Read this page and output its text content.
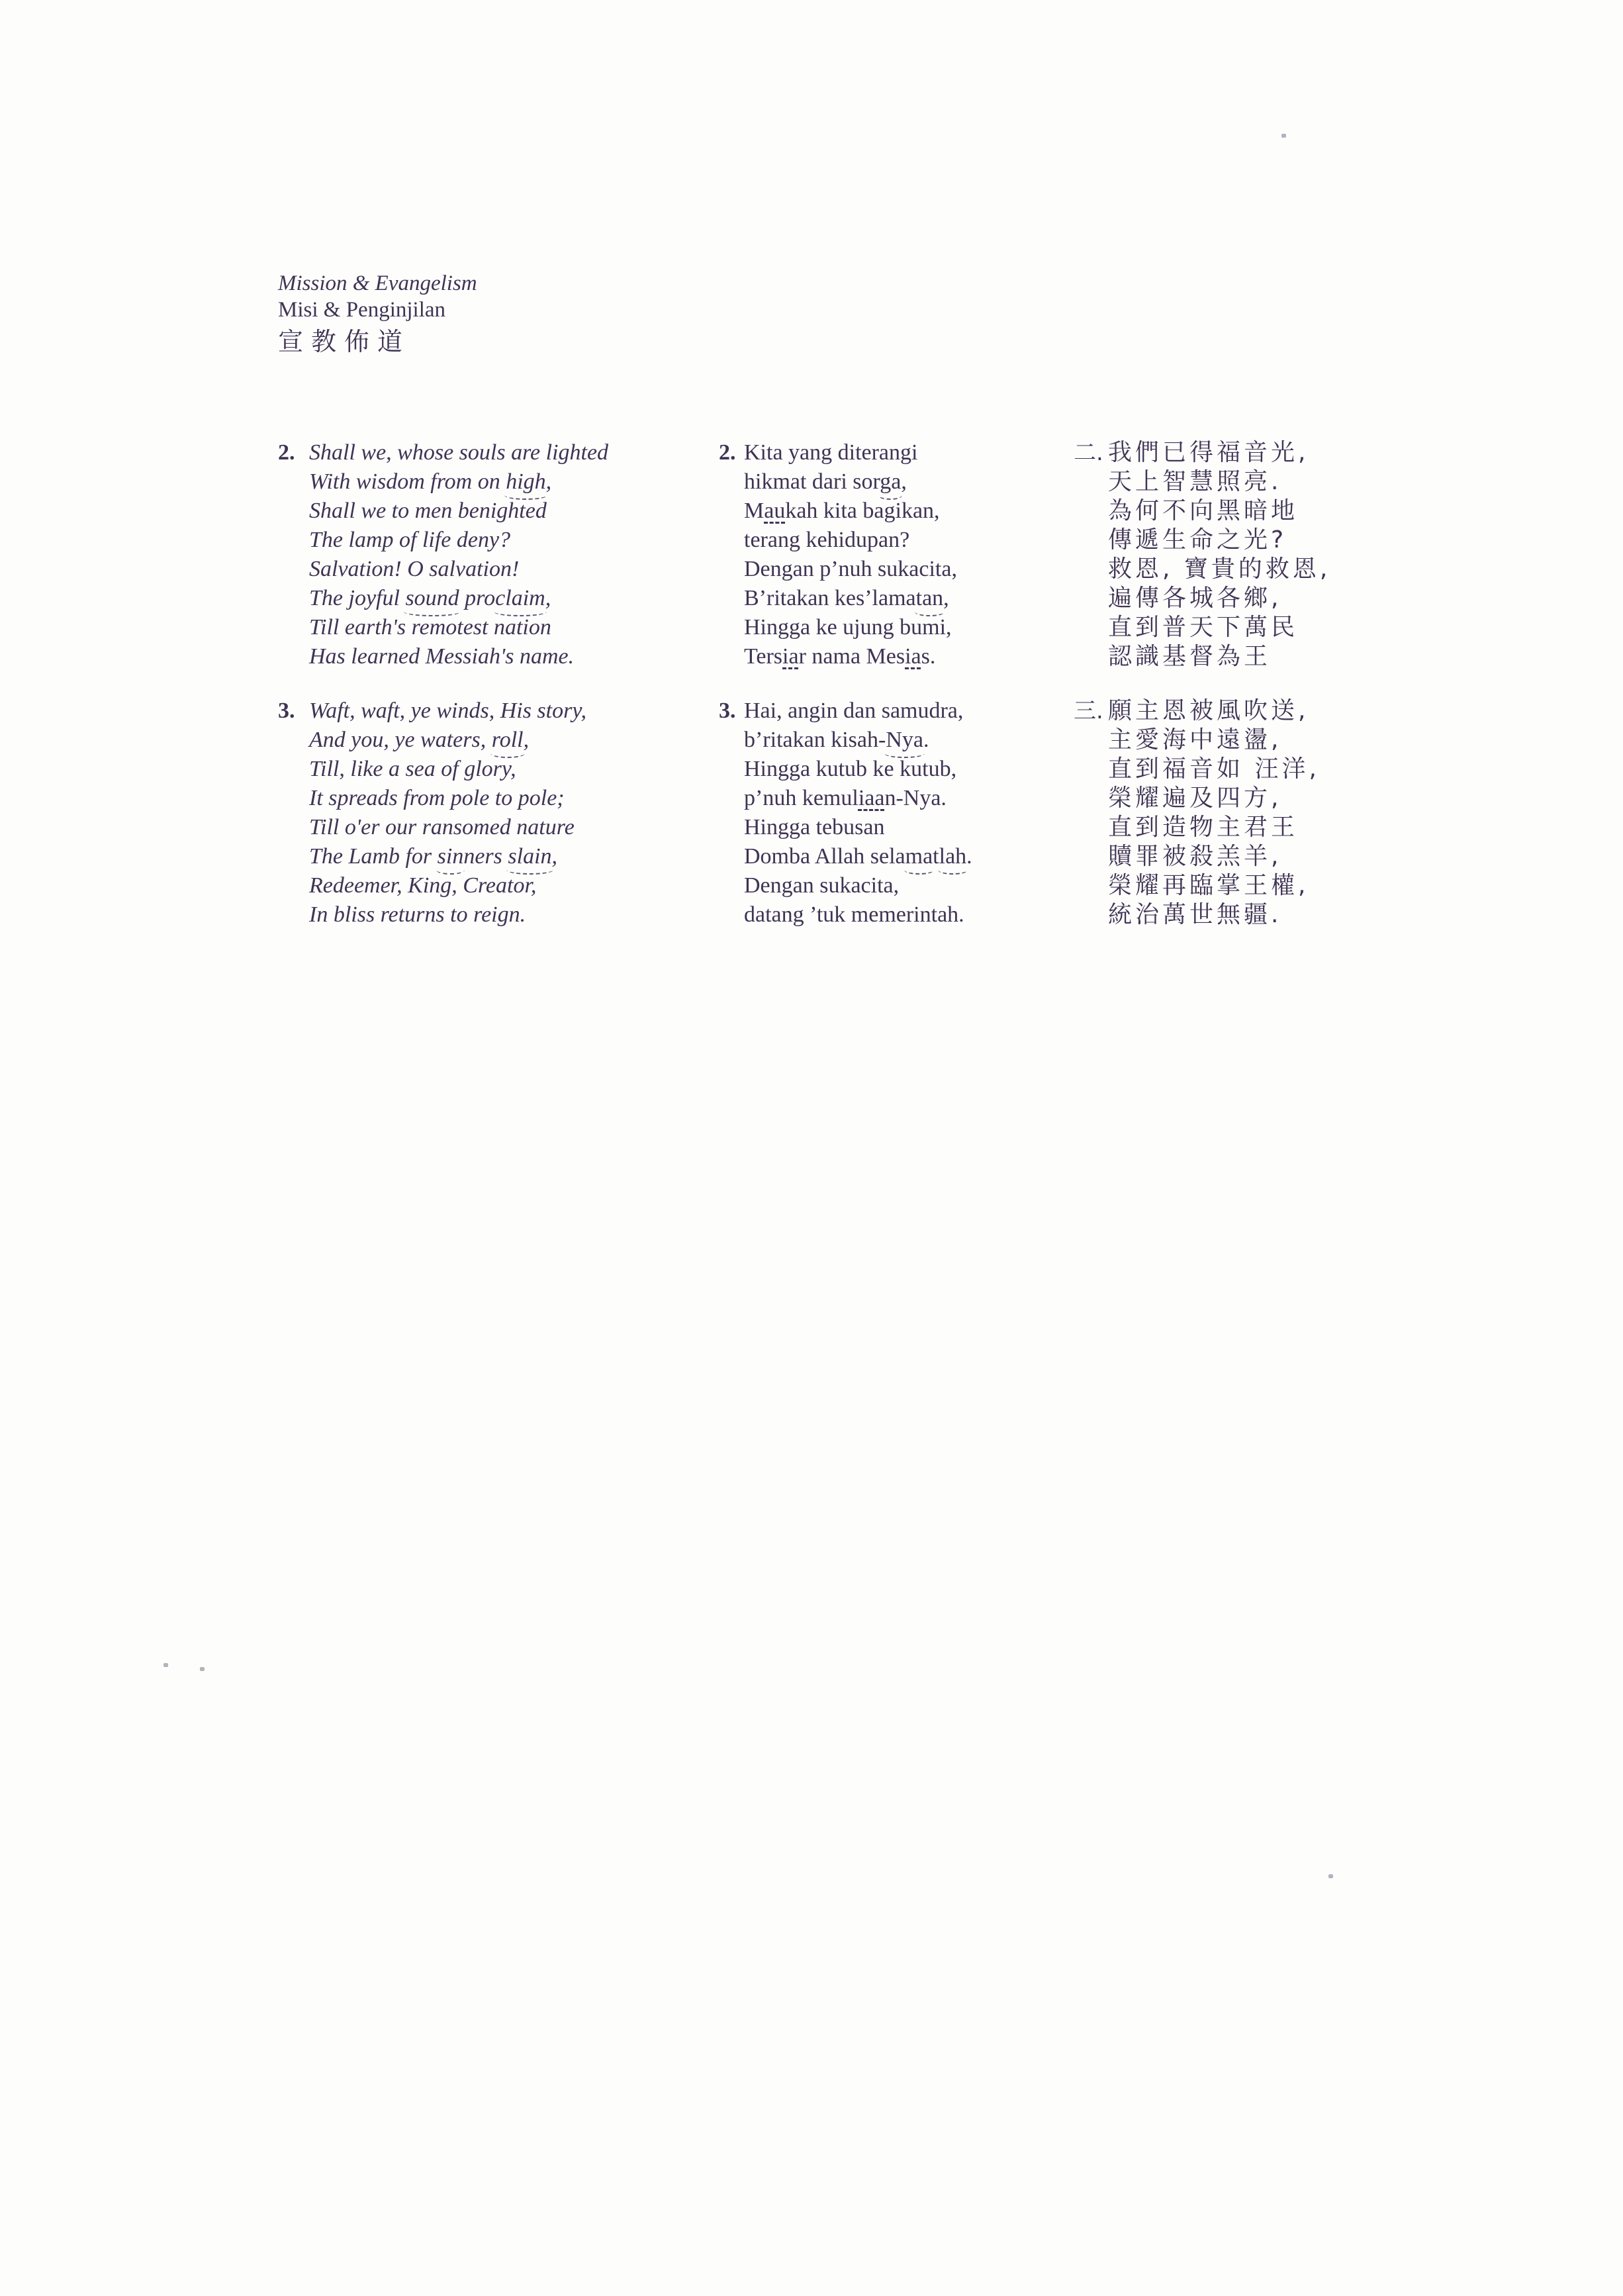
Mission & Evangelism
Misi & Penginjilan
宣教佈道
2. Shall we, whose souls are lighted
With wisdom from on high,
Shall we to men benighted
The lamp of life deny?
Salvation! O salvation!
The joyful sound proclaim,
Till earth's remotest nation
Has learned Messiah's name.
3. Waft, waft, ye winds, His story,
And you, ye waters, roll,
Till, like a sea of glory,
It spreads from pole to pole;
Till o'er our ransomed nature
The Lamb for sinners slain,
Redeemer, King, Creator,
In bliss returns to reign.
2. Kita yang diterangi
hikmat dari sorga,
Maukah kita bagikan,
terang kehidupan?
Dengan p’nuh sukacita,
B’ritakan kes’lamatan,
Hingga ke ujung bumi,
Tersiar nama Mesias.
3. Hai, angin dan samudra,
b’ritakan kisah-Nya.
Hingga kutub ke kutub,
p’nuh kemuliaan-Nya.
Hingga tebusan
Domba Allah selamatlah.
Dengan sukacita,
datang ’tuk memerintah.
二. 我們已得福音光,
天上智慧照亮.
為何不向黑暗地
傳遞生命之光?
救恩, 寶貴的救恩,
遍傳各城各鄉,
直到普天下萬民
認識基督為王
三. 願主恩被風吹送,
主愛海中遠盪,
直到福音如 汪洋,
榮耀遍及四方,
直到造物主君王
贖罪被殺羔羊,
榮耀再臨掌王權,
統治萬世無疆.
